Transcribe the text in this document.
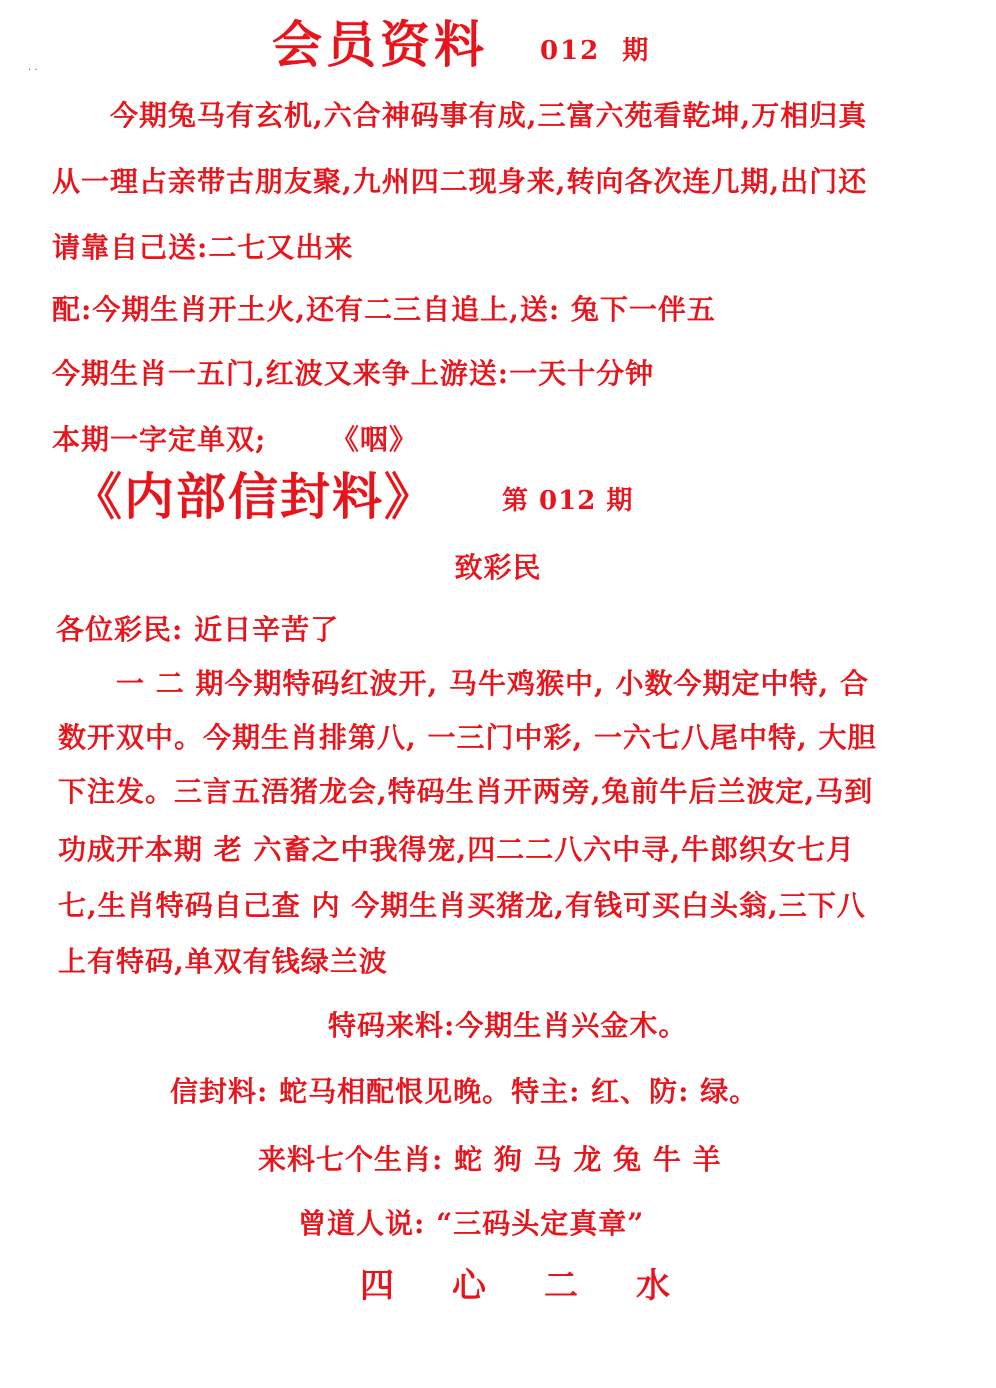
. .	会员资料 012 期
今期兔马有玄机,六合神码事有成,三富六苑看乾坤,万相归真
从一理占亲带古朋友聚,九州四二现身来,转向各次连几期,出门还
请靠自己送:二七又出来
配:今期生肖开土火,还有二三自追上,送: 兔下一伴五
今期生肖一五门,红波又来争上游送:一天十分钟
本期一字定单双;      《咽》
《内部信封料》	第 012 期
致彩民
各位彩民: 近日辛苦了
一 二 期今期特码红波开, 马牛鸡猴中, 小数今期定中特, 合
数开双中。今期生肖排第八, 一三门中彩, 一六七八尾中特, 大胆
下注发。三言五浯猪龙会,特码生肖开两旁,兔前牛后兰波定,马到
功成开本期 老 六畜之中我得宠,四二二八六中寻,牛郎织女七月
七,生肖特码自己查 内 今期生肖买猪龙,有钱可买白头翁,三下八
上有特码,单双有钱绿兰波
特码来料:今期生肖兴金木。
信封料: 蛇马相配恨见晚。特主: 红、防: 绿。
来料七个生肖: 蛇 狗 马 龙 兔 牛 羊
曾道人说: “三码头定真章”
四 心 二 水
